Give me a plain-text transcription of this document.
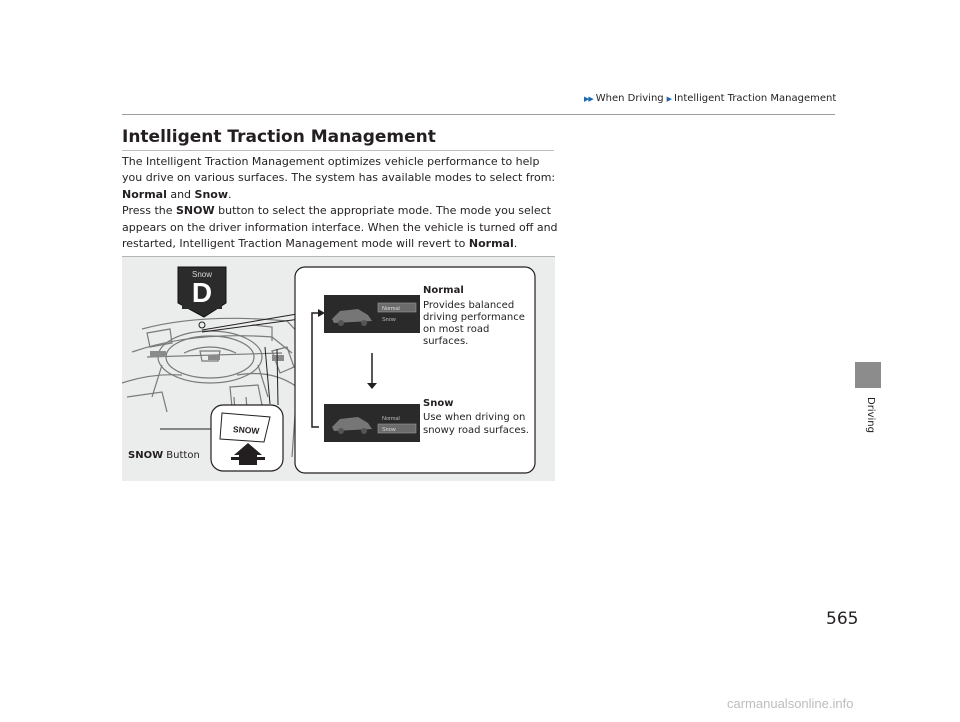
▶▶ When Driving ▶ Intelligent Traction Management
Intelligent Traction Management

The Intelligent Traction Management optimizes vehicle performance to help you drive on various surfaces. The system has available modes to select from: Normal and Snow.

Press the SNOW button to select the appropriate mode. The mode you select appears on the driver information interface. When the vehicle is turned off and restarted, Intelligent Traction Management mode will revert to Normal.

Snow
D
SNOW
Normal
Snow
Normal
Snow
Normal
Provides balanced
driving performance
on most road
surfaces.
Snow
Use when driving on
snowy road surfaces.
SNOW Button
Driving
565
carmanualsonline.info
